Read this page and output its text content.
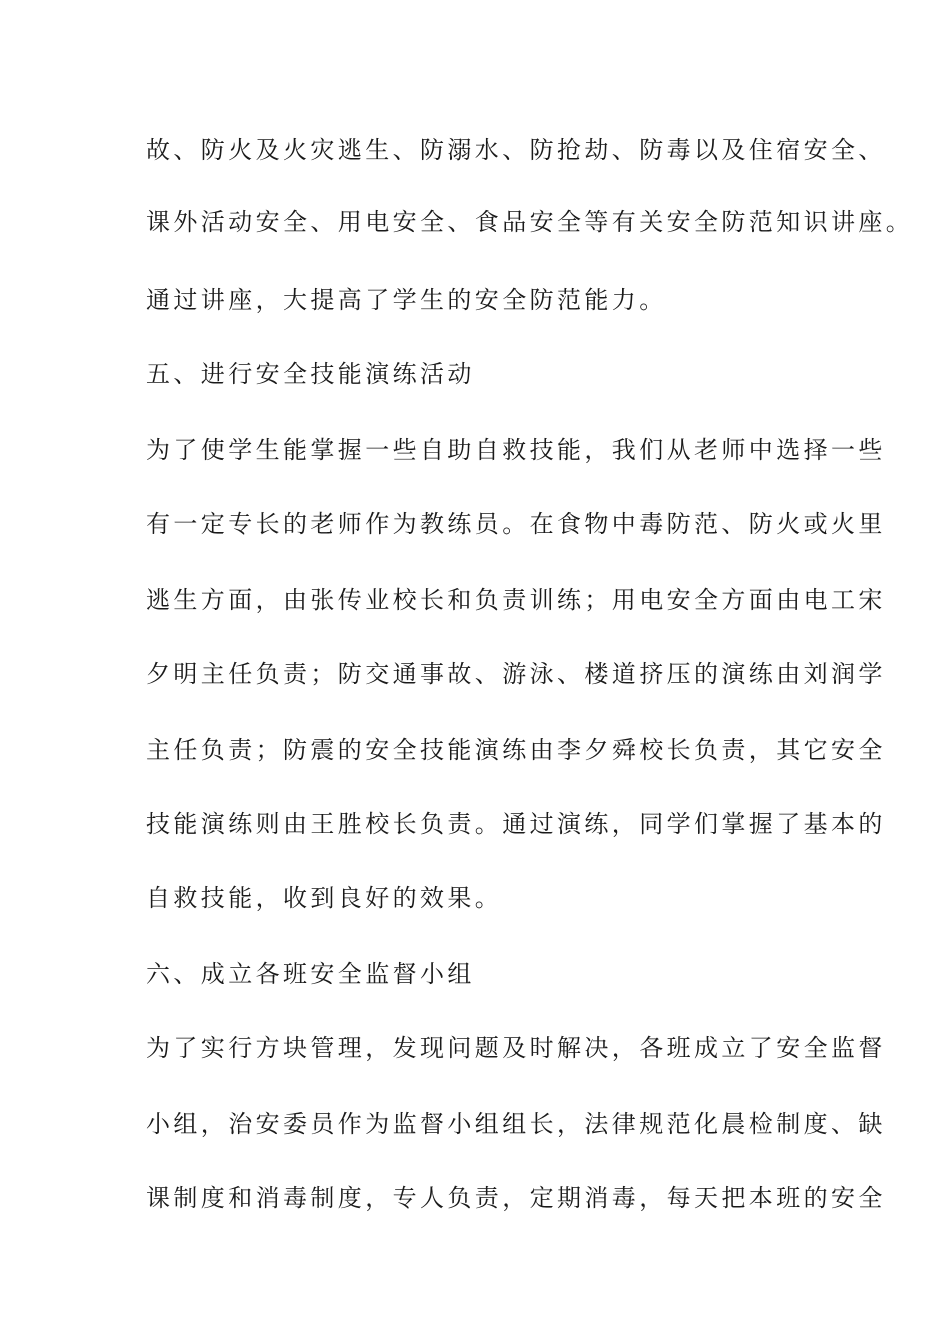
故、防火及火灾逃生、防溺水、防抢劫、防毒以及住宿安全、
课外活动安全、用电安全、食品安全等有关安全防范知识讲座。
通过讲座，大提高了学生的安全防范能力。
五、进行安全技能演练活动
为了使学生能掌握一些自助自救技能，我们从老师中选择一些
有一定专长的老师作为教练员。在食物中毒防范、防火或火里
逃生方面，由张传业校长和负责训练；用电安全方面由电工宋
夕明主任负责；防交通事故、游泳、楼道挤压的演练由刘润学
主任负责；防震的安全技能演练由李夕舜校长负责，其它安全
技能演练则由王胜校长负责。通过演练，同学们掌握了基本的
自救技能，收到良好的效果。
六、成立各班安全监督小组
为了实行方块管理，发现问题及时解决，各班成立了安全监督
小组，治安委员作为监督小组组长，法律规范化晨检制度、缺
课制度和消毒制度，专人负责，定期消毒，每天把本班的安全
